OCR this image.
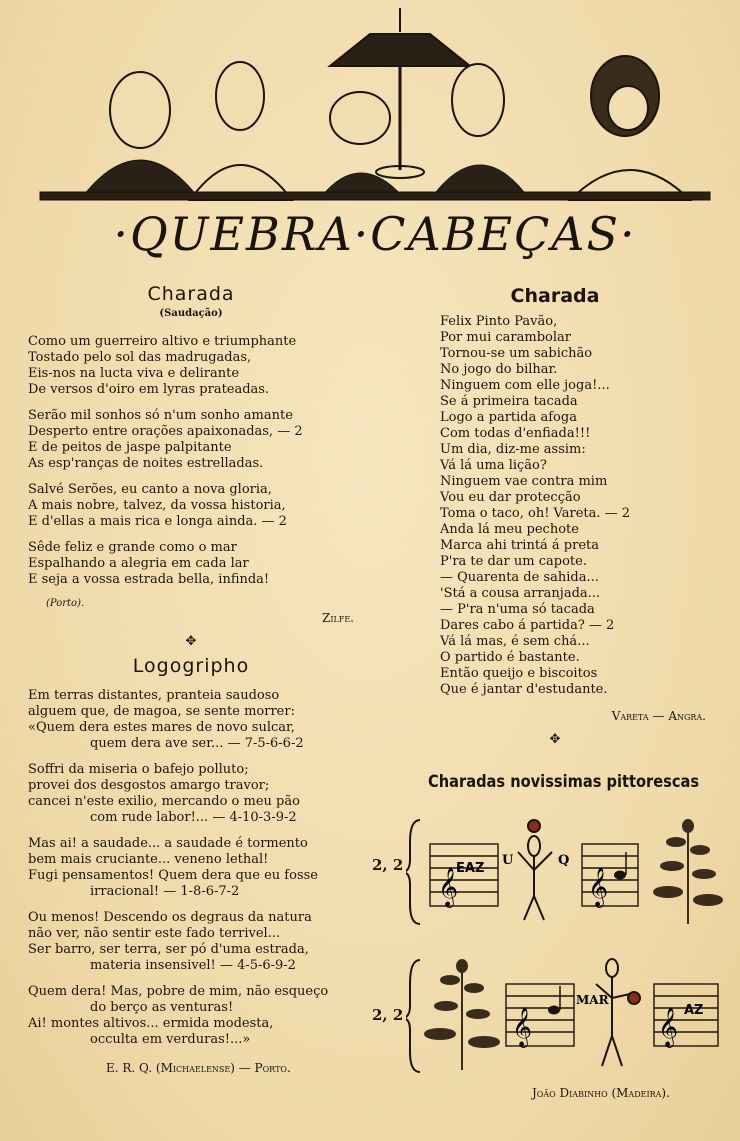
·QUEBRA·CABEÇAS·
Charada
(Saudação)
Como um guerreiro altivo e triumphante
Tostado pelo sol das madrugadas,
Eis-nos na lucta viva e delirante
De versos d'oiro em lyras prateadas.
Serão mil sonhos só n'um sonho amante
Desperto entre orações apaixonadas, — 2
E de peitos de jaspe palpitante
As esp'ranças de noites estrelladas.
Salvé Serões, eu canto a nova gloria,
A mais nobre, talvez, da vossa historia,
E d'ellas a mais rica e longa ainda. — 2
Sêde feliz e grande como o mar
Espalhando a alegria em cada lar
E seja a vossa estrada bella, infinda!
(Porto).
Zilfe.
✥
Logogripho
Em terras distantes, pranteia saudoso
alguem que, de magoa, se sente morrer:
«Quem dera estes mares de novo sulcar,
quem dera ave ser... — 7-5-6-6-2
Soffri da miseria o bafejo polluto;
provei dos desgostos amargo travor;
cancei n'este exilio, mercando o meu pão
com rude labor!... — 4-10-3-9-2
Mas ai! a saudade... a saudade é tormento
bem mais cruciante... veneno lethal!
Fugi pensamentos! Quem dera que eu fosse
irracional! — 1-8-6-7-2
Ou menos! Descendo os degraus da natura
não ver, não sentir este fado terrivel...
Ser barro, ser terra, ser pó d'uma estrada,
materia insensivel! — 4-5-6-9-2
Quem dera! Mas, pobre de mim, não esqueço
do berço as venturas!
Ai! montes altivos... ermida modesta,
occulta em verduras!...»
E. R. Q. (Michaelense) — Porto.
Charada
Felix Pinto Pavão,
Por mui carambolar
Tornou-se um sabichão
No jogo do bilhar.
Ninguem com elle joga!...
Se á primeira tacada
Logo a partida afoga
Com todas d'enfiada!!!
Um dia, diz-me assim:
Vá lá uma lição?
Ninguem vae contra mim
Vou eu dar protecção
Toma o taco, oh! Vareta. — 2
Anda lá meu pechote
Marca ahi trintá á preta
P'ra te dar um capote.
— Quarenta de sahida...
'Stá a cousa arranjada...
— P'ra n'uma só tacada
Dares cabo á partida? — 2
Vá lá mas, é sem chá...
O partido é bastante.
Então queijo e biscoitos
Que é jantar d'estudante.
Vareta — Angra.
✥
Charadas novissimas pittorescas
2, 2
𝄞
EAZ
U	Q
𝄞
2, 2	𝄞
MAR
𝄞 AZ
João Diabinho (Madeira).
